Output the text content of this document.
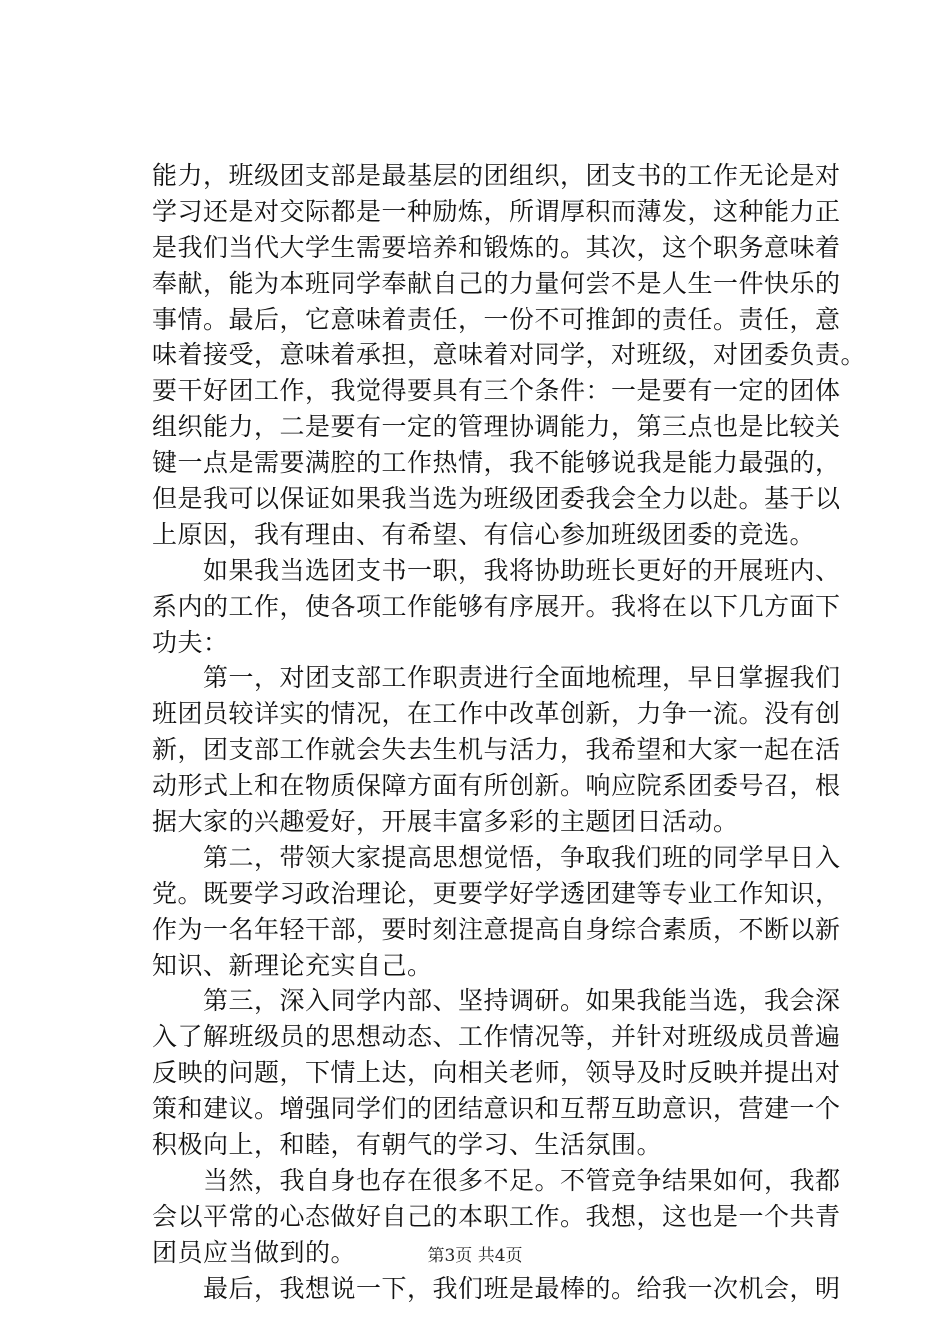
能力，班级团支部是最基层的团组织，团支书的工作无论是对
学习还是对交际都是一种励炼，所谓厚积而薄发，这种能力正
是我们当代大学生需要培养和锻炼的。其次，这个职务意味着
奉献，能为本班同学奉献自己的力量何尝不是人生一件快乐的
事情。最后，它意味着责任，一份不可推卸的责任。责任，意
味着接受，意味着承担，意味着对同学，对班级，对团委负责。
要干好团工作，我觉得要具有三个条件：一是要有一定的团体
组织能力，二是要有一定的管理协调能力，第三点也是比较关
键一点是需要满腔的工作热情，我不能够说我是能力最强的，
但是我可以保证如果我当选为班级团委我会全力以赴。基于以
上原因，我有理由、有希望、有信心参加班级团委的竞选。
　　如果我当选团支书一职，我将协助班长更好的开展班内、
系内的工作，使各项工作能够有序展开。我将在以下几方面下
功夫：
　　第一，对团支部工作职责进行全面地梳理，早日掌握我们
班团员较详实的情况，在工作中改革创新，力争一流。没有创
新，团支部工作就会失去生机与活力，我希望和大家一起在活
动形式上和在物质保障方面有所创新。响应院系团委号召，根
据大家的兴趣爱好，开展丰富多彩的主题团日活动。
　　第二，带领大家提高思想觉悟，争取我们班的同学早日入
党。既要学习政治理论，更要学好学透团建等专业工作知识，
作为一名年轻干部，要时刻注意提高自身综合素质，不断以新
知识、新理论充实自己。
　　第三，深入同学内部、坚持调研。如果我能当选，我会深
入了解班级员的思想动态、工作情况等，并针对班级成员普遍
反映的问题，下情上达，向相关老师，领导及时反映并提出对
策和建议。增强同学们的团结意识和互帮互助意识，营建一个
积极向上，和睦，有朝气的学习、生活氛围。
　　当然，我自身也存在很多不足。不管竞争结果如何，我都
会以平常的心态做好自己的本职工作。我想，这也是一个共青
团员应当做到的。
　　最后，我想说一下，我们班是最棒的。给我一次机会，明
第3页 共4页
